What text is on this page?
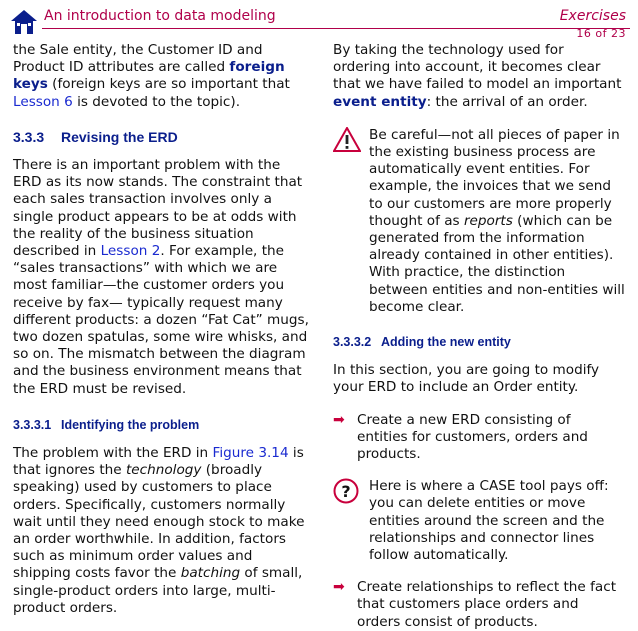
An introduction to data modeling	Exercises
16 of 23

the Sale entity, the Customer ID and Product ID attributes are called foreign keys (foreign keys are so important that Lesson 6 is devoted to the topic).

3.3.3 Revising the ERD

There is an important problem with the ERD as its now stands. The constraint that each sales transaction involves only a single product appears to be at odds with the reality of the business situation described in Lesson 2. For example, the “sales transactions” with which we are most familiar—the customer orders you receive by fax— typically request many different products: a dozen “Fat Cat” mugs, two dozen spatulas, some wire whisks, and so on. The mismatch between the diagram and the business environment means that the ERD must be revised.

3.3.3.1 Identifying the problem

The problem with the ERD in Figure 3.14 is that ignores the technology (broadly speaking) used by customers to place orders. Specifically, customers normally wait until they need enough stock to make an order worthwhile. In addition, factors such as minimum order values and shipping costs favor the batching of small, single-product orders into large, multi-product orders.

By taking the technology used for ordering into account, it becomes clear that we have failed to model an important event entity: the arrival of an order.

Be careful—not all pieces of paper in the existing business process are automatically event entities. For example, the invoices that we send to our customers are more properly thought of as reports (which can be generated from the information already contained in other entities). With practice, the distinction between entities and non-entities will become clear.

3.3.3.2 Adding the new entity

In this section, you are going to modify your ERD to include an Order entity.

➡ Create a new ERD consisting of entities for customers, orders and products.

? Here is where a CASE tool pays off: you can delete entities or move entities around the screen and the relationships and connector lines follow automatically.

➡ Create relationships to reflect the fact that customers place orders and orders consist of products.
